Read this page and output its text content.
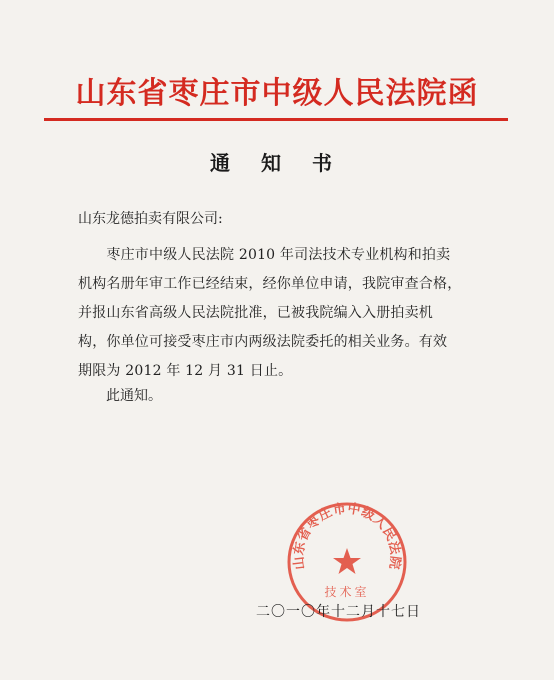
山东省枣庄市中级人民法院函
通 知 书
山东龙德拍卖有限公司:
　　枣庄市中级人民法院 2010 年司法技术专业机构和拍卖
机构名册年审工作已经结束，经你单位申请，我院审查合格，
并报山东省高级人民法院批准，已被我院编入入册拍卖机
构，你单位可接受枣庄市内两级法院委托的相关业务。有效
期限为 2012 年 12 月 31 日止。
此通知。
山东省枣庄市中级人民法院
技术室
二〇一〇年十二月十七日
